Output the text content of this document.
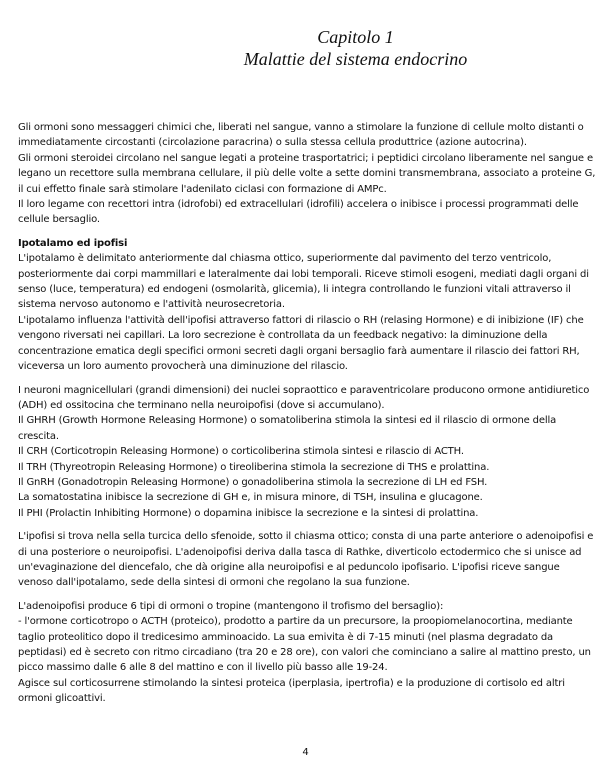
Capitolo 1
Malattie del sistema endocrino

Gli ormoni sono messaggeri chimici che, liberati nel sangue, vanno a stimolare la funzione di cellule molto distanti o immediatamente circostanti (circolazione paracrina) o sulla stessa cellula produttrice (azione autocrina).

Gli ormoni steroidei circolano nel sangue legati a proteine trasportatrici; i peptidici circolano liberamente nel sangue e legano un recettore sulla membrana cellulare, il più delle volte a sette domini transmembrana, associato a proteine G, il cui effetto finale sarà stimolare l'adenilato ciclasi con formazione di AMPc.

Il loro legame con recettori intra (idrofobi) ed extracellulari (idrofili) accelera o inibisce i processi programmati delle cellule bersaglio.

Ipotalamo ed ipofisi

L'ipotalamo è delimitato anteriormente dal chiasma ottico, superiormente dal pavimento del terzo ventricolo, posteriormente dai corpi mammillari e lateralmente dai lobi temporali. Riceve stimoli esogeni, mediati dagli organi di senso (luce, temperatura) ed endogeni (osmolarità, glicemia), li integra controllando le funzioni vitali attraverso il sistema nervoso autonomo e l'attività neurosecretoria.

L'ipotalamo influenza l'attività dell'ipofisi attraverso fattori di rilascio o RH (relasing Hormone) e di inibizione (IF) che vengono riversati nei capillari. La loro secrezione è controllata da un feedback negativo: la diminuzione della concentrazione ematica degli specifici ormoni secreti dagli organi bersaglio farà aumentare il rilascio dei fattori RH, viceversa un loro aumento provocherà una diminuzione del rilascio.

I neuroni magnicellulari (grandi dimensioni) dei nuclei sopraottico e paraventricolare producono ormone antidiuretico (ADH) ed ossitocina che terminano nella neuroipofisi (dove si accumulano).

Il GHRH (Growth Hormone Releasing Hormone) o somatoliberina stimola la sintesi ed il rilascio di ormone della crescita.

Il CRH (Corticotropin Releasing Hormone) o corticoliberina stimola sintesi e rilascio di ACTH.

Il TRH (Thyreotropin Releasing Hormone) o tireoliberina stimola la secrezione di THS e prolattina.

Il GnRH (Gonadotropin Releasing Hormone) o gonadoliberina stimola la secrezione di LH ed FSH.

La somatostatina inibisce la secrezione di GH e, in misura minore, di TSH, insulina e glucagone.

Il PHI (Prolactin Inhibiting Hormone) o dopamina inibisce la secrezione e la sintesi di prolattina.

L'ipofisi si trova nella sella turcica dello sfenoide, sotto il chiasma ottico; consta di una parte anteriore o adenoipofisi e di una posteriore o neuroipofisi. L'adenoipofisi deriva dalla tasca di Rathke, diverticolo ectodermico che si unisce ad un'evaginazione del diencefalo, che dà origine alla neuroipofisi e al peduncolo ipofisario. L'ipofisi riceve sangue venoso dall'ipotalamo, sede della sintesi di ormoni che regolano la sua funzione.

L'adenoipofisi produce 6 tipi di ormoni o tropine (mantengono il trofismo del bersaglio):

- l'ormone corticotropo o ACTH (proteico), prodotto a partire da un precursore, la proopiomelanocortina, mediante taglio proteolitico dopo il tredicesimo amminoacido. La sua emivita è di 7-15 minuti (nel plasma degradato da peptidasi) ed è secreto con ritmo circadiano (tra 20 e 28 ore), con valori che cominciano a salire al mattino presto, un picco massimo dalle 6 alle 8 del mattino e con il livello più basso alle 19-24.

Agisce sul corticosurrene stimolando la sintesi proteica (iperplasia, ipertrofia) e la produzione di cortisolo ed altri ormoni glicoattivi.

4
